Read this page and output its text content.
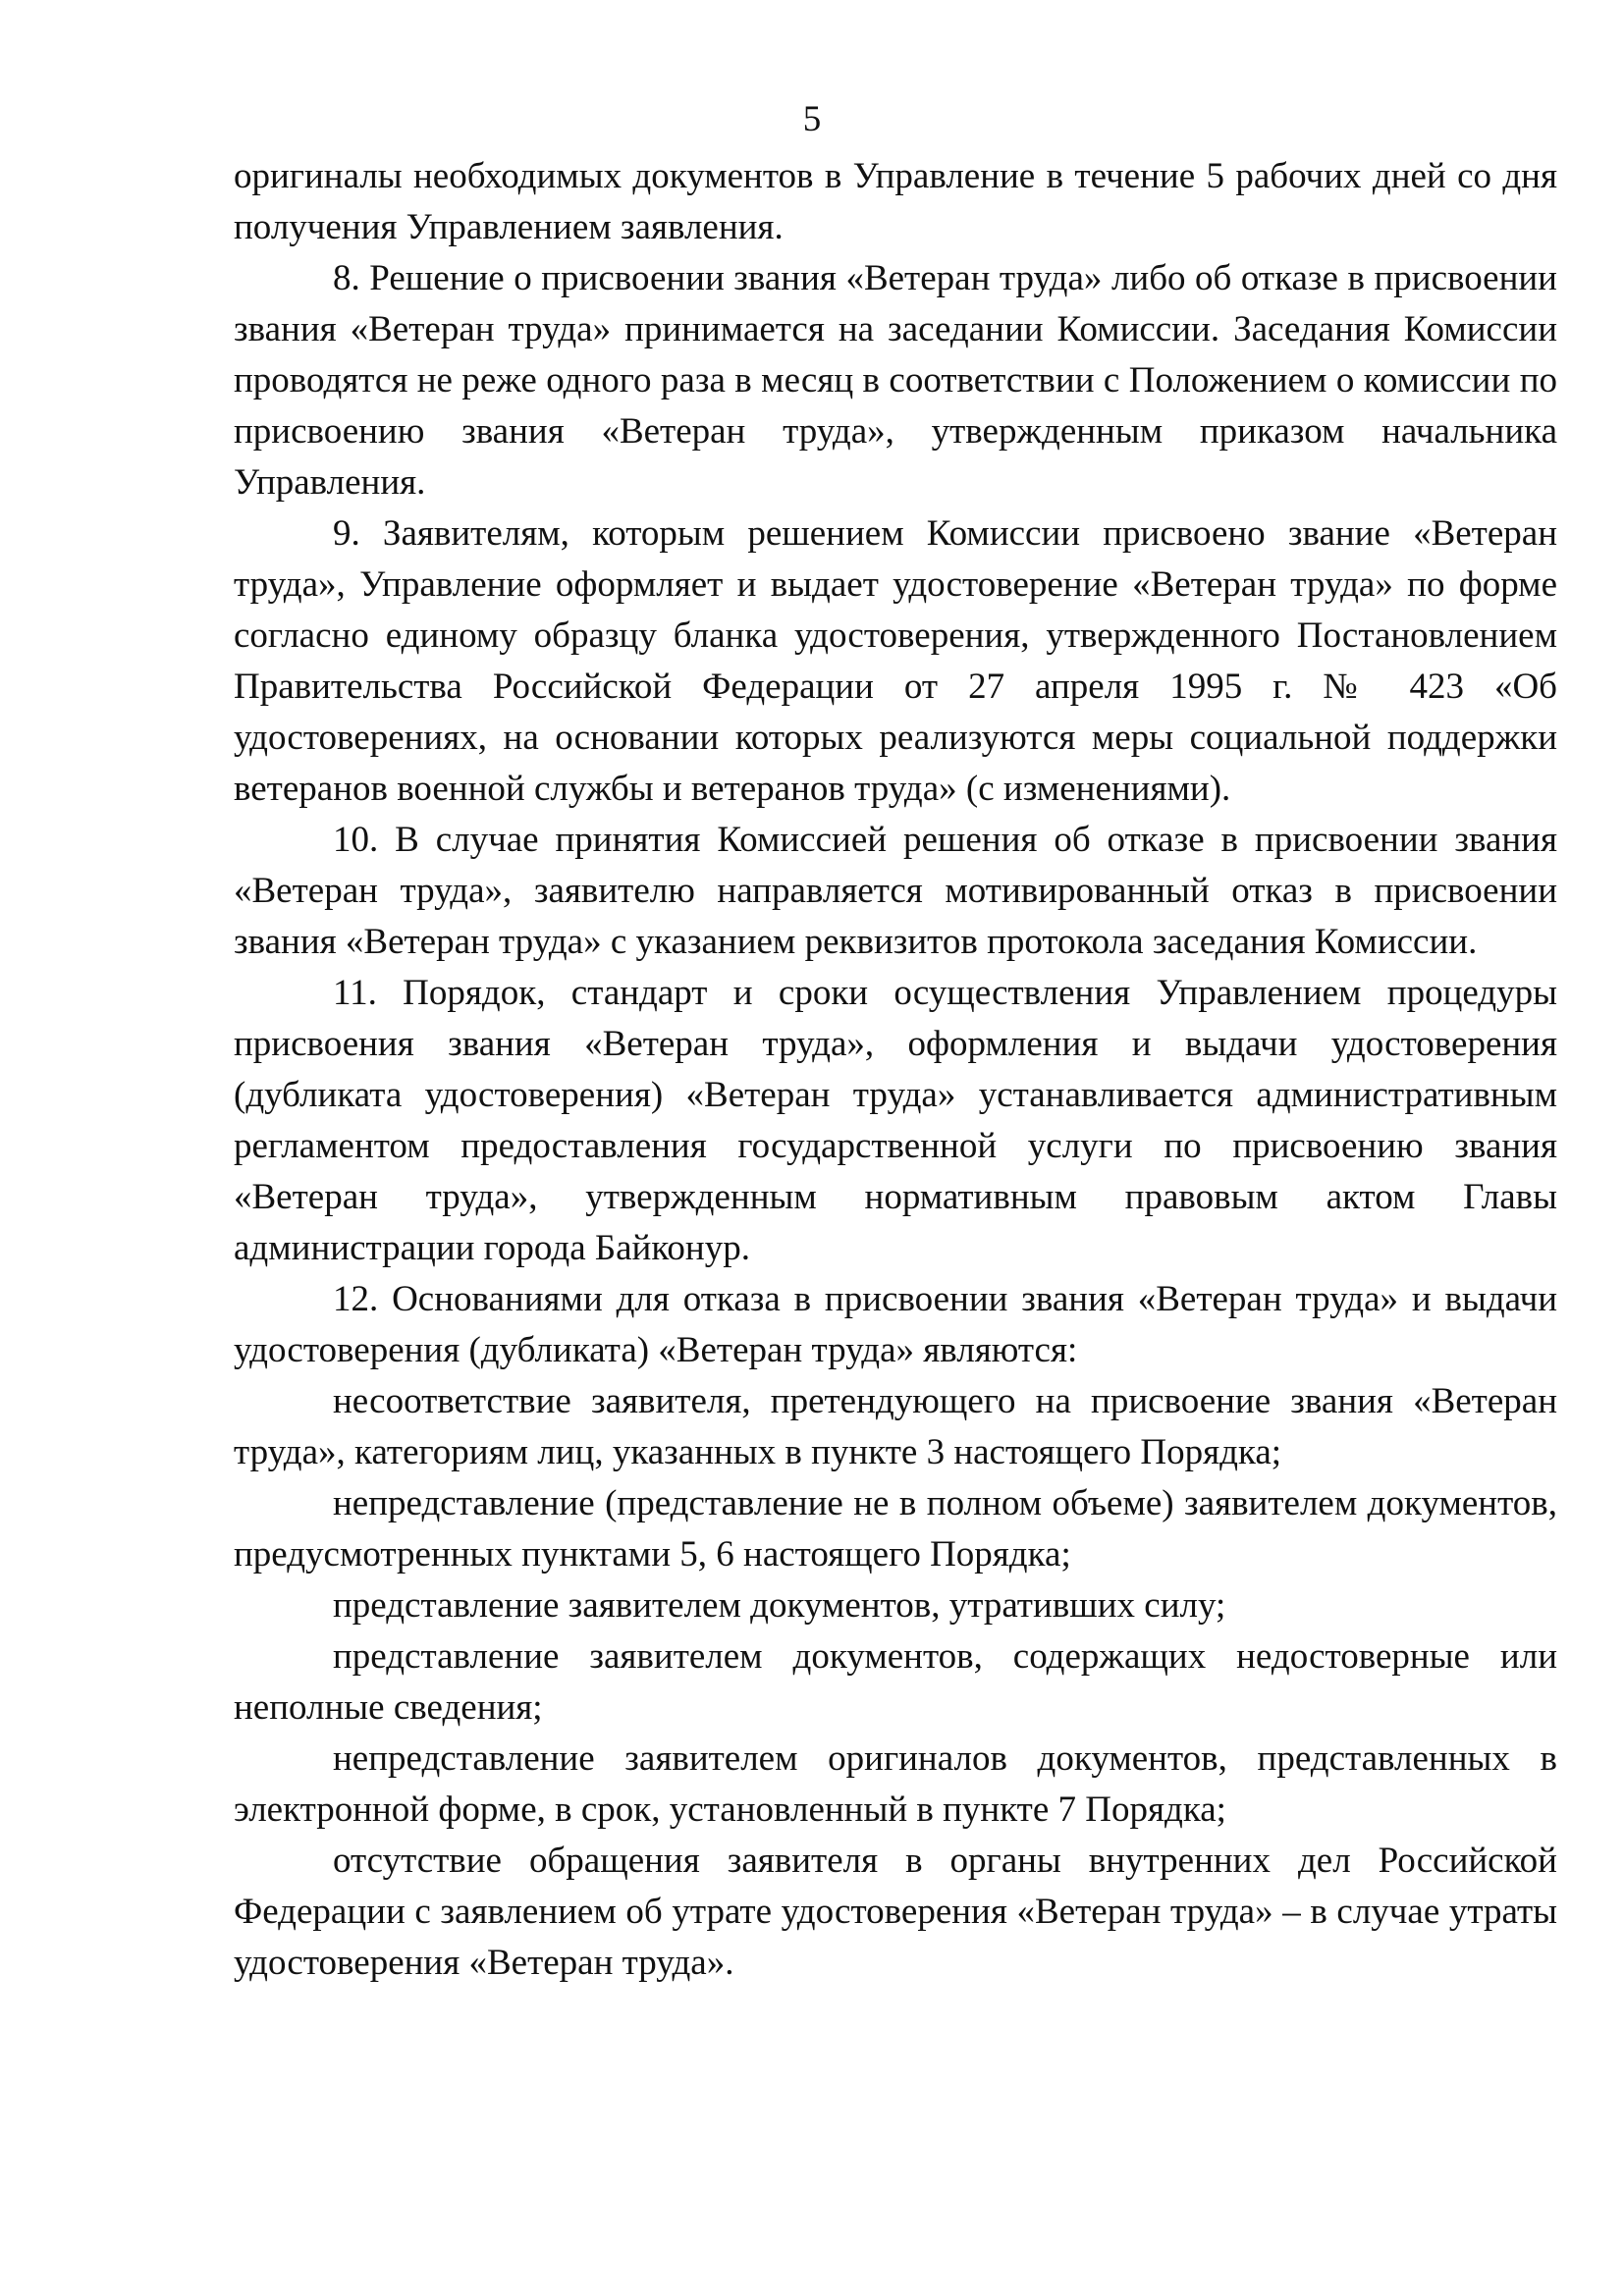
5

оригиналы необходимых документов в Управление в течение 5 рабочих дней со дня получения Управлением заявления.

8. Решение о присвоении звания «Ветеран труда» либо об отказе в присвоении звания «Ветеран труда» принимается на заседании Комиссии. Заседания Комиссии проводятся не реже одного раза в месяц в соответствии с Положением о комиссии по присвоению звания «Ветеран труда», утвержденным приказом начальника Управления.

9. Заявителям, которым решением Комиссии присвоено звание «Ветеран труда», Управление оформляет и выдает удостоверение «Ветеран труда» по форме согласно единому образцу бланка удостоверения, утвержденного Постановлением Правительства Российской Федерации от 27 апреля 1995 г. № 423 «Об удостоверениях, на основании которых реализуются меры социальной поддержки ветеранов военной службы и ветеранов труда» (с изменениями).

10. В случае принятия Комиссией решения об отказе в присвоении звания «Ветеран труда», заявителю направляется мотивированный отказ в присвоении звания «Ветеран труда» с указанием реквизитов протокола заседания Комиссии.

11. Порядок, стандарт и сроки осуществления Управлением процедуры присвоения звания «Ветеран труда», оформления и выдачи удостоверения (дубликата удостоверения) «Ветеран труда» устанавливается административным регламентом предоставления государственной услуги по присвоению звания «Ветеран труда», утвержденным нормативным правовым актом Главы администрации города Байконур.

12. Основаниями для отказа в присвоении звания «Ветеран труда» и выдачи удостоверения (дубликата) «Ветеран труда» являются:

несоответствие заявителя, претендующего на присвоение звания «Ветеран труда», категориям лиц, указанных в пункте 3 настоящего Порядка;

непредставление (представление не в полном объеме) заявителем документов, предусмотренных пунктами 5, 6 настоящего Порядка;

представление заявителем документов, утративших силу;

представление заявителем документов, содержащих недостоверные или неполные сведения;

непредставление заявителем оригиналов документов, представленных в электронной форме, в срок, установленный в пункте 7 Порядка;

отсутствие обращения заявителя в органы внутренних дел Российской Федерации с заявлением об утрате удостоверения «Ветеран труда» – в случае утраты удостоверения «Ветеран труда».
